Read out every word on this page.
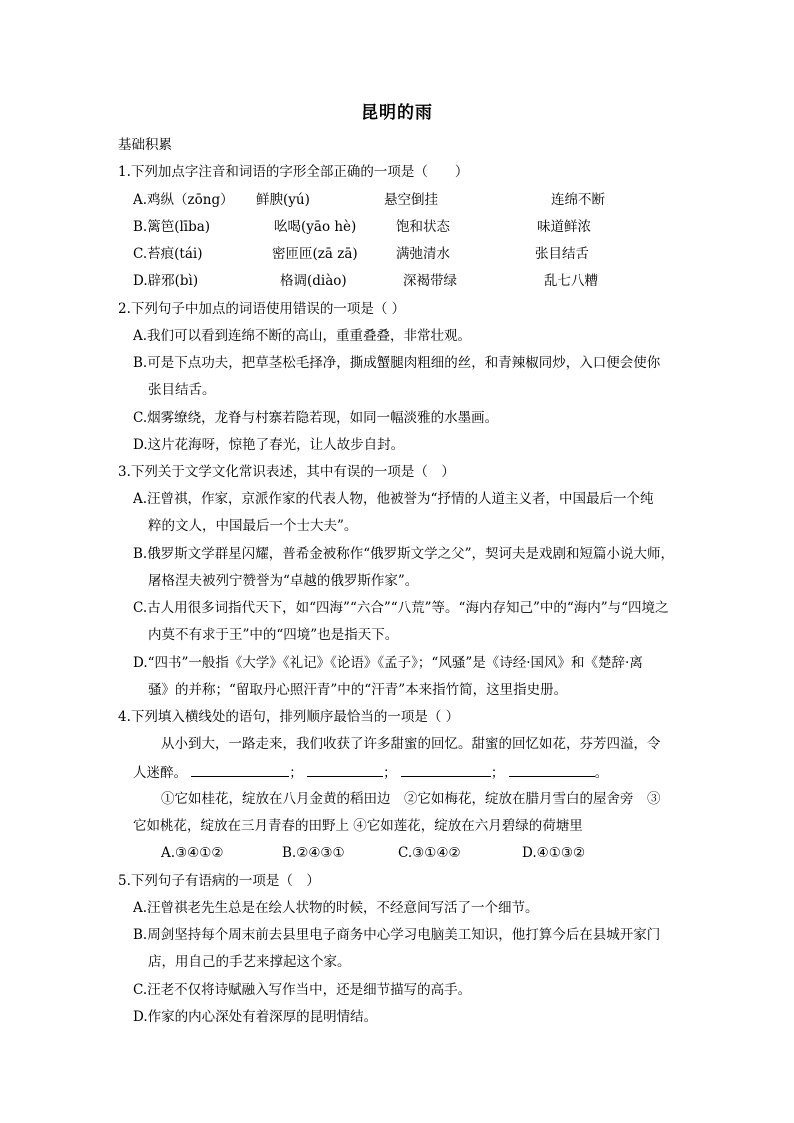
昆明的雨
基础积累
1.下列加点字注音和词语的字形全部正确的一项是（　　）
A.鸡纵（zōng） 鲜腴(yú)	悬空倒挂	连绵不断
B.篱笆(lība)	吆喝(yāo hè)	饱和状态	味道鲜浓
C.苔痕(tái)	密匝匝(zā zā)	满弛清水	张目结舌
D.辟邪(bì)	格调(diào)	深褐带绿	乱七八糟
2.下列句子中加点的词语使用错误的一项是（ ）
A.我们可以看到连绵不断的高山，重重叠叠，非常壮观。
B.可是下点功夫，把草茎松毛择净，撕成蟹腿肉粗细的丝，和青辣椒同炒，入口便会使你
张目结舌。
C.烟雾缭绕，龙脊与村寨若隐若现，如同一幅淡雅的水墨画。
D.这片花海呀，惊艳了春光，让人故步自封。
3.下列关于文学文化常识表述，其中有误的一项是（　）
A.汪曾祺，作家，京派作家的代表人物，他被誉为“抒情的人道主义者，中国最后一个纯
粹的文人，中国最后一个士大夫”。
B.俄罗斯文学群星闪耀，普希金被称作“俄罗斯文学之父”，契诃夫是戏剧和短篇小说大师，
屠格涅夫被列宁赞誉为“卓越的俄罗斯作家”。
C.古人用很多词指代天下，如“四海”“六合”“八荒”等。“海内存知己”中的“海内”与“四境之
内莫不有求于王”中的“四境”也是指天下。
D.“四书”一般指《大学》《礼记》《论语》《孟子》；“风骚”是《诗经·国风》和《楚辞·离
骚》的并称；“留取丹心照汗青”中的“汗青”本来指竹简，这里指史册。
4.下列填入横线处的语句，排列顺序最恰当的一项是（ ）
从小到大，一路走来，我们收获了许多甜蜜的回忆。甜蜜的回忆如花，芬芳四溢，令
人迷醉。	；	；	；	。
①它如桂花，绽放在八月金黄的稻田边　②它如梅花，绽放在腊月雪白的屋舍旁　③
它如桃花，绽放在三月青春的田野上 ④它如莲花，绽放在六月碧绿的荷塘里
A.③④①②	B.②④③①	C.③①④②	D.④①③②
5.下列句子有语病的一项是（　）
A.汪曾祺老先生总是在绘人状物的时候，不经意间写活了一个细节。
B.周剑坚持每个周末前去县里电子商务中心学习电脑美工知识，他打算今后在县城开家门
店，用自己的手艺来撑起这个家。
C.汪老不仅将诗赋融入写作当中，还是细节描写的高手。
D.作家的内心深处有着深厚的昆明情结。
